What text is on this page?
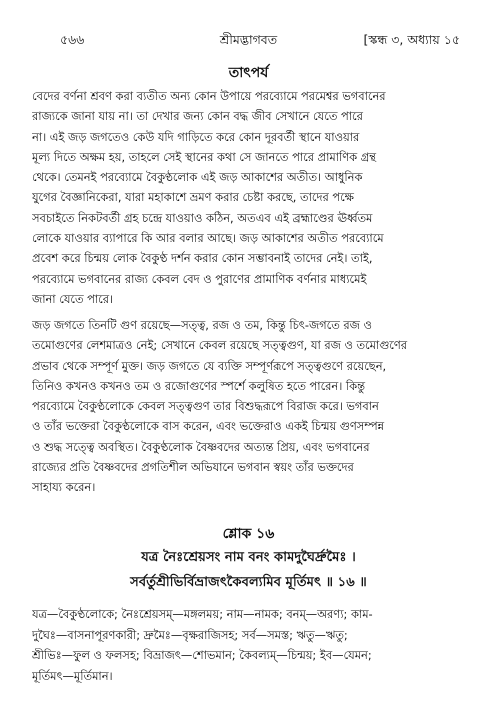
৫৬৬	শ্রীমদ্ভাগবত	[স্কন্ধ ৩, অধ্যায় ১৫
তাৎপর্য
বেদের বর্ণনা শ্রবণ করা ব্যতীত অন্য কোন উপায়ে পরব্যোমে পরমেশ্বর ভগবানের
রাজ্যকে জানা যায় না। তা দেখার জন্য কোন বদ্ধ জীব সেখানে যেতে পারে
না। এই জড় জগতেও কেউ যদি গাড়িতে করে কোন দূরবর্তী স্থানে যাওয়ার
মূল্য দিতে অক্ষম হয়, তাহলে সেই স্থানের কথা সে জানতে পারে প্রামাণিক গ্রন্থ
থেকে। তেমনই পরব্যোমে বৈকুণ্ঠলোক এই জড় আকাশের অতীত। আধুনিক
যুগের বৈজ্ঞানিকেরা, যারা মহাকাশে ভ্রমণ করার চেষ্টা করছে, তাদের পক্ষে
সবচাইতে নিকটবর্তী গ্রহ চন্দ্রে যাওয়াও কঠিন, অতএব এই ব্রহ্মাণ্ডের ঊর্ধ্বতম
লোকে যাওয়ার ব্যাপারে কি আর বলার আছে। জড় আকাশের অতীত পরব্যোমে
প্রবেশ করে চিন্ময় লোক বৈকুণ্ঠ দর্শন করার কোন সম্ভাবনাই তাদের নেই। তাই,
পরব্যোমে ভগবানের রাজ্য কেবল বেদ ও পুরাণের প্রামাণিক বর্ণনার মাধ্যমেই
জানা যেতে পারে।
জড় জগতে তিনটি গুণ রয়েছে—সত্ত্ব, রজ ও তম, কিন্তু চিৎ-জগতে রজ ও
তমোগুণের লেশমাত্রও নেই; সেখানে কেবল রয়েছে সত্ত্বগুণ, যা রজ ও তমোগুণের
প্রভাব থেকে সম্পূর্ণ মুক্ত। জড় জগতে যে ব্যক্তি সম্পূর্ণরূপে সত্ত্বগুণে রয়েছেন,
তিনিও কখনও কখনও তম ও রজোগুণের স্পর্শে কলুষিত হতে পারেন। কিন্তু
পরব্যোমে বৈকুণ্ঠলোকে কেবল সত্ত্বগুণ তার বিশুদ্ধরূপে বিরাজ করে। ভগবান
ও তাঁর ভক্তেরা বৈকুণ্ঠলোকে বাস করেন, এবং ভক্তেরাও একই চিন্ময় গুণসম্পন্ন
ও শুদ্ধ সত্ত্বে অবস্থিত। বৈকুণ্ঠলোক বৈষ্ণবদের অত্যন্ত প্রিয়, এবং ভগবানের
রাজ্যের প্রতি বৈষ্ণবদের প্রগতিশীল অভিযানে ভগবান স্বয়ং তাঁর ভক্তদের
সাহায্য করেন।
শ্লোক ১৬
যত্র নৈঃশ্রেয়সং নাম বনং কামদুঘৈর্দ্রুমৈঃ ।
সর্বর্তুশ্রীভির্বিভ্রাজৎকৈবল্যমিব মূর্তিমৎ ॥ ১৬ ॥
যত্র—বৈকুণ্ঠলোকে; নৈঃশ্রেয়সম্—মঙ্গলময়; নাম—নামক; বনম্—অরণ্য; কাম-
দুঘৈঃ—বাসনাপূরণকারী; দ্রুমৈঃ—বৃক্ষরাজিসহ; সর্ব—সমস্ত; ঋতু—ঋতু;
শ্রীভিঃ—ফুল ও ফলসহ; বিভ্রাজৎ—শোভমান; কৈবল্যম্—চিন্ময়; ইব—যেমন;
মূর্তিমৎ—মূর্তিমান।
